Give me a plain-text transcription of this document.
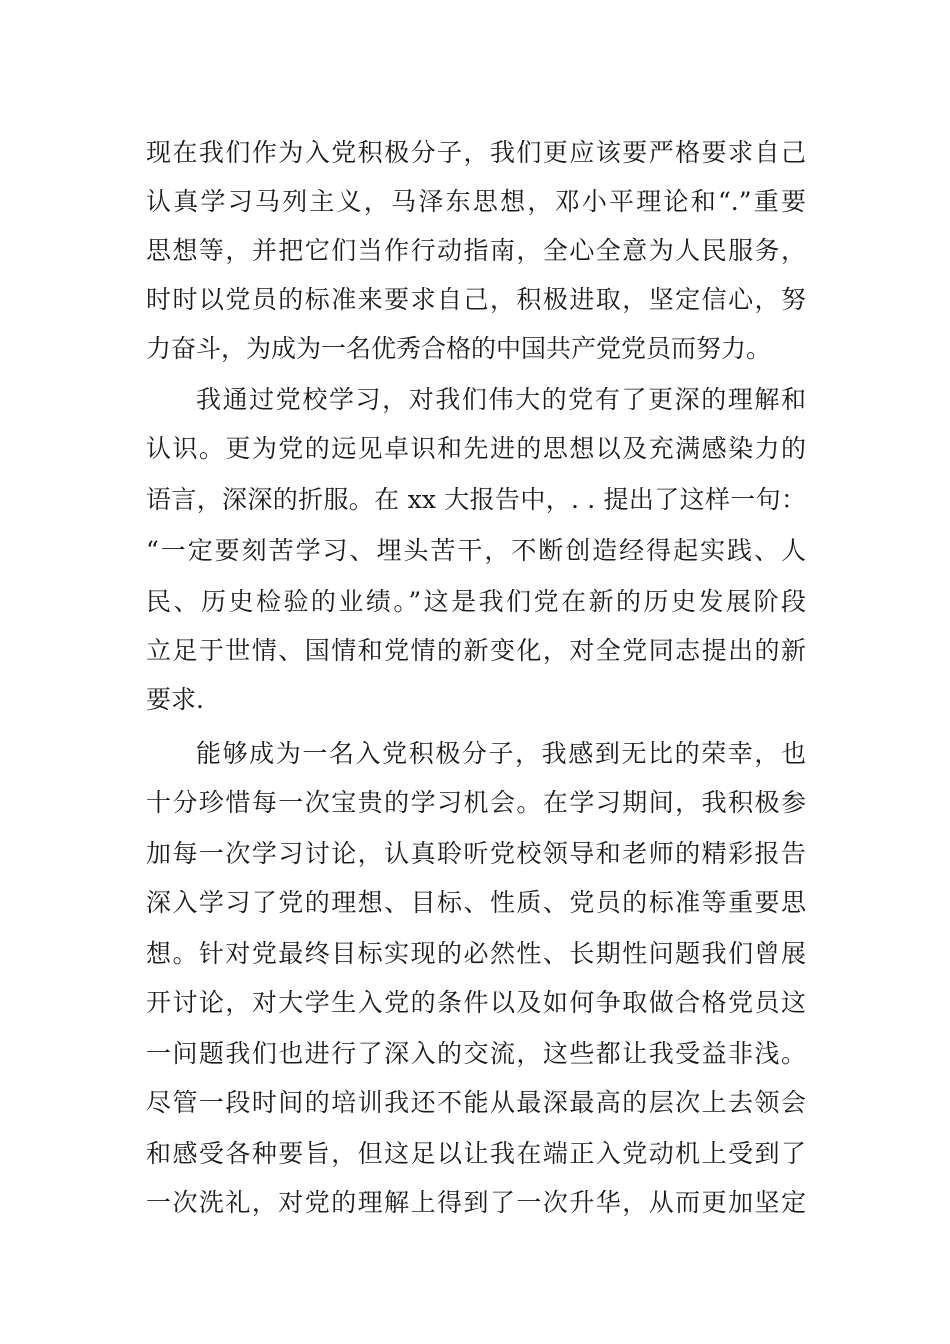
现在我们作为入党积极分子，我们更应该要严格要求自己
认真学习马列主义，马泽东思想，邓小平理论和“.”重要
思想等，并把它们当作行动指南，全心全意为人民服务，
时时以党员的标准来要求自己，积极进取，坚定信心，努
力奋斗，为成为一名优秀合格的中国共产党党员而努力。
我通过党校学习，对我们伟大的党有了更深的理解和
认识。更为党的远见卓识和先进的思想以及充满感染力的
语言，深深的折服。在 xx 大报告中，. . 提出了这样一句：
“一定要刻苦学习、埋头苦干，不断创造经得起实践、人
民、历史检验的业绩。”这是我们党在新的历史发展阶段
立足于世情、国情和党情的新变化，对全党同志提出的新
要求.
能够成为一名入党积极分子，我感到无比的荣幸，也
十分珍惜每一次宝贵的学习机会。在学习期间，我积极参
加每一次学习讨论，认真聆听党校领导和老师的精彩报告
深入学习了党的理想、目标、性质、党员的标准等重要思
想。针对党最终目标实现的必然性、长期性问题我们曾展
开讨论，对大学生入党的条件以及如何争取做合格党员这
一问题我们也进行了深入的交流，这些都让我受益非浅。
尽管一段时间的培训我还不能从最深最高的层次上去领会
和感受各种要旨，但这足以让我在端正入党动机上受到了
一次洗礼，对党的理解上得到了一次升华，从而更加坚定
